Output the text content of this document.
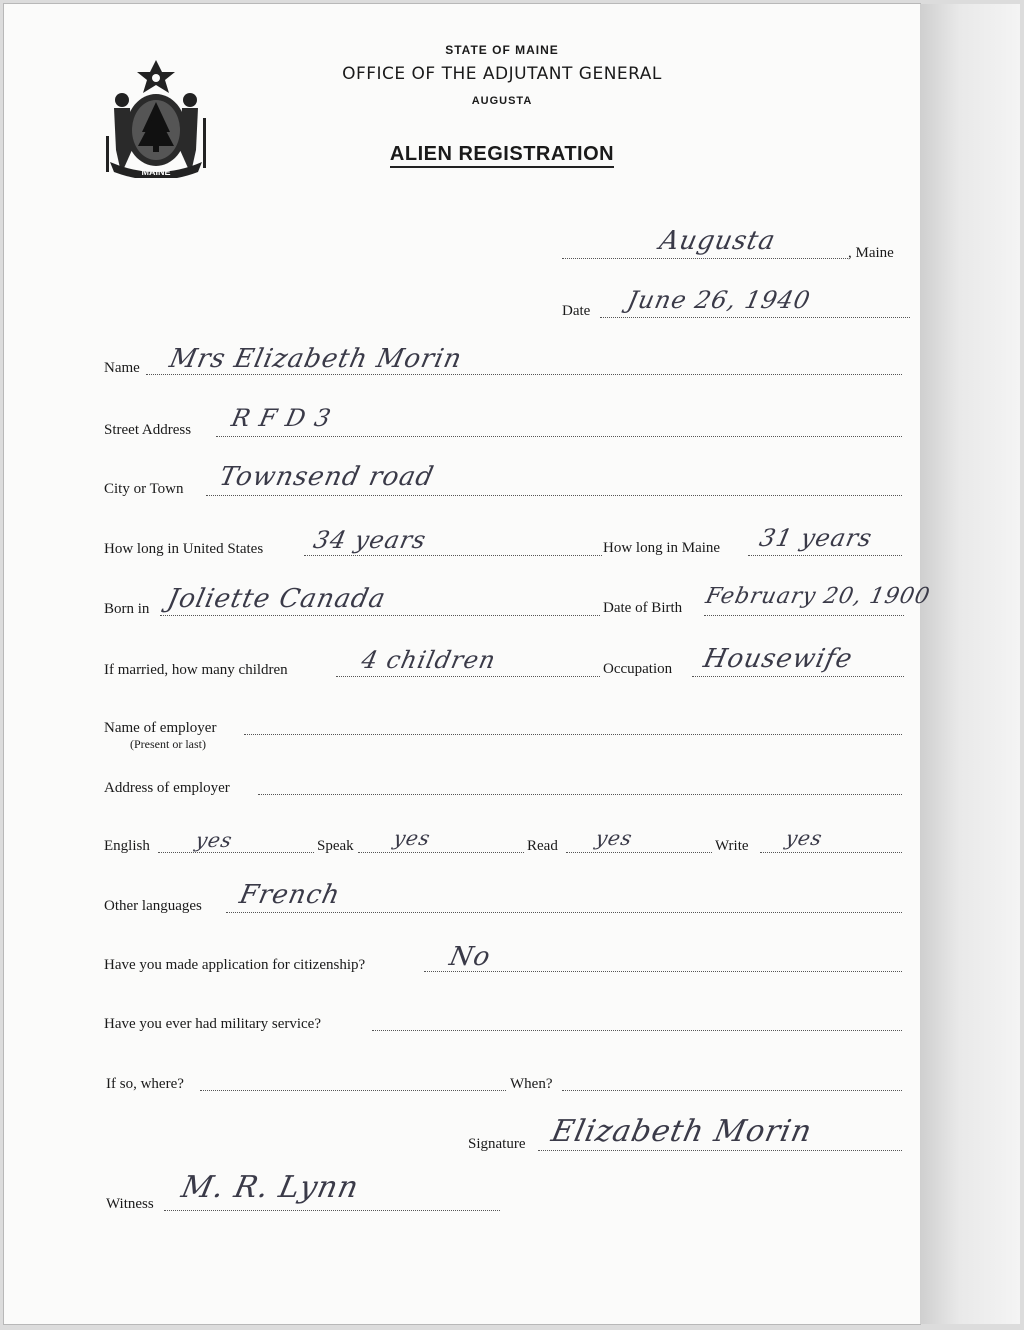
MAINE
STATE OF MAINE
OFFICE OF THE ADJUTANT GENERAL
AUGUSTA
ALIEN REGISTRATION
Augusta	, Maine
Date June 26, 1940
Name Mrs Elizabeth Morin
Street Address R F D 3
City or Town Townsend road
How long in United States 34 years	How long in Maine 31 years
Born in Joliette Canada	Date of Birth February 20, 1900
If married, how many children	4 children	Occupation Housewife
Name of employer
(Present or last)
Address of employer
English yes	Speak yes	Read yes	Write yes
Other languages French
Have you made application for citizenship?	No
Have you ever had military service?
If so, where?	When?
Signature Elizabeth Morin
Witness M. R. Lynn
